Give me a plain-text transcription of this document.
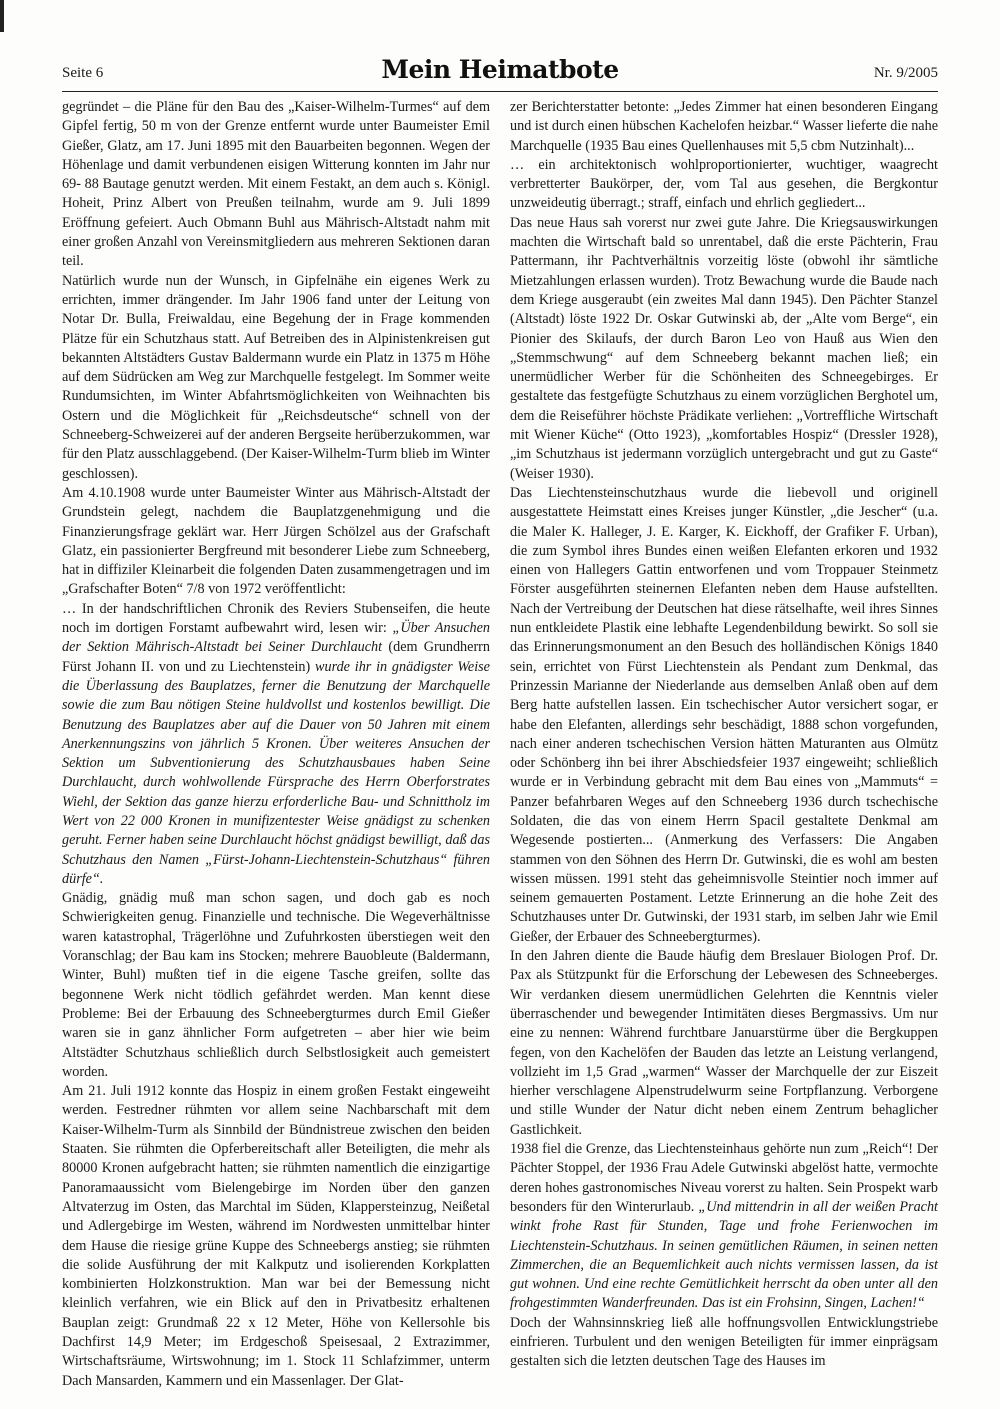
Seite 6	Mein Heimatbote	Nr. 9/2005

gegründet – die Pläne für den Bau des „Kaiser-Wilhelm-Turmes“ auf dem Gipfel fertig, 50 m von der Grenze entfernt wurde unter Baumeister Emil Gießer, Glatz, am 17. Juni 1895 mit den Bauarbeiten begonnen. Wegen der Höhenlage und damit verbundenen eisigen Witterung konnten im Jahr nur 69- 88 Bautage genutzt werden. Mit einem Festakt, an dem auch s. Königl. Hoheit, Prinz Albert von Preußen teilnahm, wurde am 9. Juli 1899 Eröffnung gefeiert. Auch Obmann Buhl aus Mährisch-Altstadt nahm mit einer großen Anzahl von Vereinsmitgliedern aus mehreren Sektionen daran teil.

Natürlich wurde nun der Wunsch, in Gipfelnähe ein eigenes Werk zu errichten, immer drängender. Im Jahr 1906 fand unter der Leitung von Notar Dr. Bulla, Freiwaldau, eine Begehung der in Frage kommenden Plätze für ein Schutzhaus statt. Auf Betreiben des in Alpinistenkreisen gut bekannten Altstädters Gustav Baldermann wurde ein Platz in 1375 m Höhe auf dem Südrücken am Weg zur Marchquelle festgelegt. Im Sommer weite Rundumsichten, im Winter Abfahrtsmöglichkeiten von Weihnachten bis Ostern und die Möglichkeit für „Reichsdeutsche“ schnell von der Schneeberg-Schweizerei auf der anderen Bergseite herüberzukommen, war für den Platz ausschlaggebend. (Der Kaiser-Wilhelm-Turm blieb im Winter geschlossen).

Am 4.10.1908 wurde unter Baumeister Winter aus Mährisch-Altstadt der Grundstein gelegt, nachdem die Bauplatzgenehmigung und die Finanzierungsfrage geklärt war. Herr Jürgen Schölzel aus der Grafschaft Glatz, ein passionierter Bergfreund mit besonderer Liebe zum Schneeberg, hat in diffiziler Kleinarbeit die folgenden Daten zusammengetragen und im „Grafschafter Boten“ 7/8 von 1972 veröffentlicht:

… In der handschriftlichen Chronik des Reviers Stubenseifen, die heute noch im dortigen Forstamt aufbewahrt wird, lesen wir: „Über Ansuchen der Sektion Mährisch-Altstadt bei Seiner Durchlaucht (dem Grundherrn Fürst Johann II. von und zu Liechtenstein) wurde ihr in gnädigster Weise die Überlassung des Bauplatzes, ferner die Benutzung der Marchquelle sowie die zum Bau nötigen Steine huldvollst und kostenlos bewilligt. Die Benutzung des Bauplatzes aber auf die Dauer von 50 Jahren mit einem Anerkennungszins von jährlich 5 Kronen. Über weiteres Ansuchen der Sektion um Subventionierung des Schutzhausbaues haben Seine Durchlaucht, durch wohlwollende Fürsprache des Herrn Oberforstrates Wiehl, der Sektion das ganze hierzu erforderliche Bau- und Schnittholz im Wert von 22 000 Kronen in munifizentester Weise gnädigst zu schenken geruht. Ferner haben seine Durchlaucht höchst gnädigst bewilligt, daß das Schutzhaus den Namen „Fürst-Johann-Liechtenstein-Schutzhaus“ führen dürfe“.

Gnädig, gnädig muß man schon sagen, und doch gab es noch Schwierigkeiten genug. Finanzielle und technische. Die Wegeverhältnisse waren katastrophal, Trägerlöhne und Zufuhrkosten überstiegen weit den Voranschlag; der Bau kam ins Stocken; mehrere Bauobleute (Baldermann, Winter, Buhl) mußten tief in die eigene Tasche greifen, sollte das begonnene Werk nicht tödlich gefährdet werden. Man kennt diese Probleme: Bei der Erbauung des Schneebergturmes durch Emil Gießer waren sie in ganz ähnlicher Form aufgetreten – aber hier wie beim Altstädter Schutzhaus schließlich durch Selbstlosigkeit auch gemeistert worden.

Am 21. Juli 1912 konnte das Hospiz in einem großen Festakt eingeweiht werden. Festredner rühmten vor allem seine Nachbarschaft mit dem Kaiser-Wilhelm-Turm als Sinnbild der Bündnistreue zwischen den beiden Staaten. Sie rühmten die Opferbereitschaft aller Beteiligten, die mehr als 80000 Kronen aufgebracht hatten; sie rühmten namentlich die einzigartige Panoramaaussicht vom Bielengebirge im Norden über den ganzen Altvaterzug im Osten, das Marchtal im Süden, Klappersteinzug, Neißetal und Adlergebirge im Westen, während im Nordwesten unmittelbar hinter dem Hause die riesige grüne Kuppe des Schneebergs anstieg; sie rühmten die solide Ausführung der mit Kalkputz und isolierenden Korkplatten kombinierten Holzkonstruktion. Man war bei der Bemessung nicht kleinlich verfahren, wie ein Blick auf den in Privatbesitz erhaltenen Bauplan zeigt: Grundmaß 22 x 12 Meter, Höhe von Kellersohle bis Dachfirst 14,9 Meter; im Erdgeschoß Speisesaal, 2 Extrazimmer, Wirtschaftsräume, Wirtswohnung; im 1. Stock 11 Schlafzimmer, unterm Dach Mansarden, Kammern und ein Massenlager. Der Glat-

zer Berichterstatter betonte: „Jedes Zimmer hat einen besonderen Eingang und ist durch einen hübschen Kachelofen heizbar.“ Wasser lieferte die nahe Marchquelle (1935 Bau eines Quellenhauses mit 5,5 cbm Nutzinhalt)...

… ein architektonisch wohlproportionierter, wuchtiger, waagrecht verbretterter Baukörper, der, vom Tal aus gesehen, die Bergkontur unzweideutig überragt.; straff, einfach und ehrlich gegliedert...

Das neue Haus sah vorerst nur zwei gute Jahre. Die Kriegsauswirkungen machten die Wirtschaft bald so unrentabel, daß die erste Pächterin, Frau Pattermann, ihr Pachtverhältnis vorzeitig löste (obwohl ihr sämtliche Mietzahlungen erlassen wurden). Trotz Bewachung wurde die Baude nach dem Kriege ausgeraubt (ein zweites Mal dann 1945). Den Pächter Stanzel (Altstadt) löste 1922 Dr. Oskar Gutwinski ab, der „Alte vom Berge“, ein Pionier des Skilaufs, der durch Baron Leo von Hauß aus Wien den „Stemmschwung“ auf dem Schneeberg bekannt machen ließ; ein unermüdlicher Werber für die Schönheiten des Schneegebirges. Er gestaltete das festgefügte Schutzhaus zu einem vorzüglichen Berghotel um, dem die Reiseführer höchste Prädikate verliehen: „Vortreffliche Wirtschaft mit Wiener Küche“ (Otto 1923), „komfortables Hospiz“ (Dressler 1928), „im Schutzhaus ist jedermann vorzüglich untergebracht und gut zu Gaste“ (Weiser 1930).

Das Liechtensteinschutzhaus wurde die liebevoll und originell ausgestattete Heimstatt eines Kreises junger Künstler, „die Jescher“ (u.a. die Maler K. Halleger, J. E. Karger, K. Eickhoff, der Grafiker F. Urban), die zum Symbol ihres Bundes einen weißen Elefanten erkoren und 1932 einen von Hallegers Gattin entworfenen und vom Troppauer Steinmetz Förster ausgeführten steinernen Elefanten neben dem Hause aufstellten. Nach der Vertreibung der Deutschen hat diese rätselhafte, weil ihres Sinnes nun entkleidete Plastik eine lebhafte Legendenbildung bewirkt. So soll sie das Erinnerungsmonument an den Besuch des holländischen Königs 1840 sein, errichtet von Fürst Liechtenstein als Pendant zum Denkmal, das Prinzessin Marianne der Niederlande aus demselben Anlaß oben auf dem Berg hatte aufstellen lassen. Ein tschechischer Autor versichert sogar, er habe den Elefanten, allerdings sehr beschädigt, 1888 schon vorgefunden, nach einer anderen tschechischen Version hätten Maturanten aus Olmütz oder Schönberg ihn bei ihrer Abschiedsfeier 1937 eingeweiht; schließlich wurde er in Verbindung gebracht mit dem Bau eines von „Mammuts“ = Panzer befahrbaren Weges auf den Schneeberg 1936 durch tschechische Soldaten, die das von einem Herrn Spacil gestaltete Denkmal am Wegesende postierten... (Anmerkung des Verfassers: Die Angaben stammen von den Söhnen des Herrn Dr. Gutwinski, die es wohl am besten wissen müssen. 1991 steht das geheimnisvolle Steintier noch immer auf seinem gemauerten Postament. Letzte Erinnerung an die hohe Zeit des Schutzhauses unter Dr. Gutwinski, der 1931 starb, im selben Jahr wie Emil Gießer, der Erbauer des Schneebergturmes).

In den Jahren diente die Baude häufig dem Breslauer Biologen Prof. Dr. Pax als Stützpunkt für die Erforschung der Lebewesen des Schneeberges. Wir verdanken diesem unermüdlichen Gelehrten die Kenntnis vieler überraschender und bewegender Intimitäten dieses Bergmassivs. Um nur eine zu nennen: Während furchtbare Januarstürme über die Bergkuppen fegen, von den Kachelöfen der Bauden das letzte an Leistung verlangend, vollzieht im 1,5 Grad „warmen“ Wasser der Marchquelle der zur Eiszeit hierher verschlagene Alpenstrudelwurm seine Fortpflanzung. Verborgene und stille Wunder der Natur dicht neben einem Zentrum behaglicher Gastlichkeit.

1938 fiel die Grenze, das Liechtensteinhaus gehörte nun zum „Reich“! Der Pächter Stoppel, der 1936 Frau Adele Gutwinski abgelöst hatte, vermochte deren hohes gastronomisches Niveau vorerst zu halten. Sein Prospekt warb besonders für den Winterurlaub. „Und mittendrin in all der weißen Pracht winkt frohe Rast für Stunden, Tage und frohe Ferienwochen im Liechtenstein-Schutzhaus. In seinen gemütlichen Räumen, in seinen netten Zimmerchen, die an Bequemlichkeit auch nichts vermissen lassen, da ist gut wohnen. Und eine rechte Gemütlichkeit herrscht da oben unter all den frohgestimmten Wanderfreunden. Das ist ein Frohsinn, Singen, Lachen!“

Doch der Wahnsinnskrieg ließ alle hoffnungsvollen Entwicklungstriebe einfrieren. Turbulent und den wenigen Beteiligten für immer einprägsam gestalten sich die letzten deutschen Tage des Hauses im
